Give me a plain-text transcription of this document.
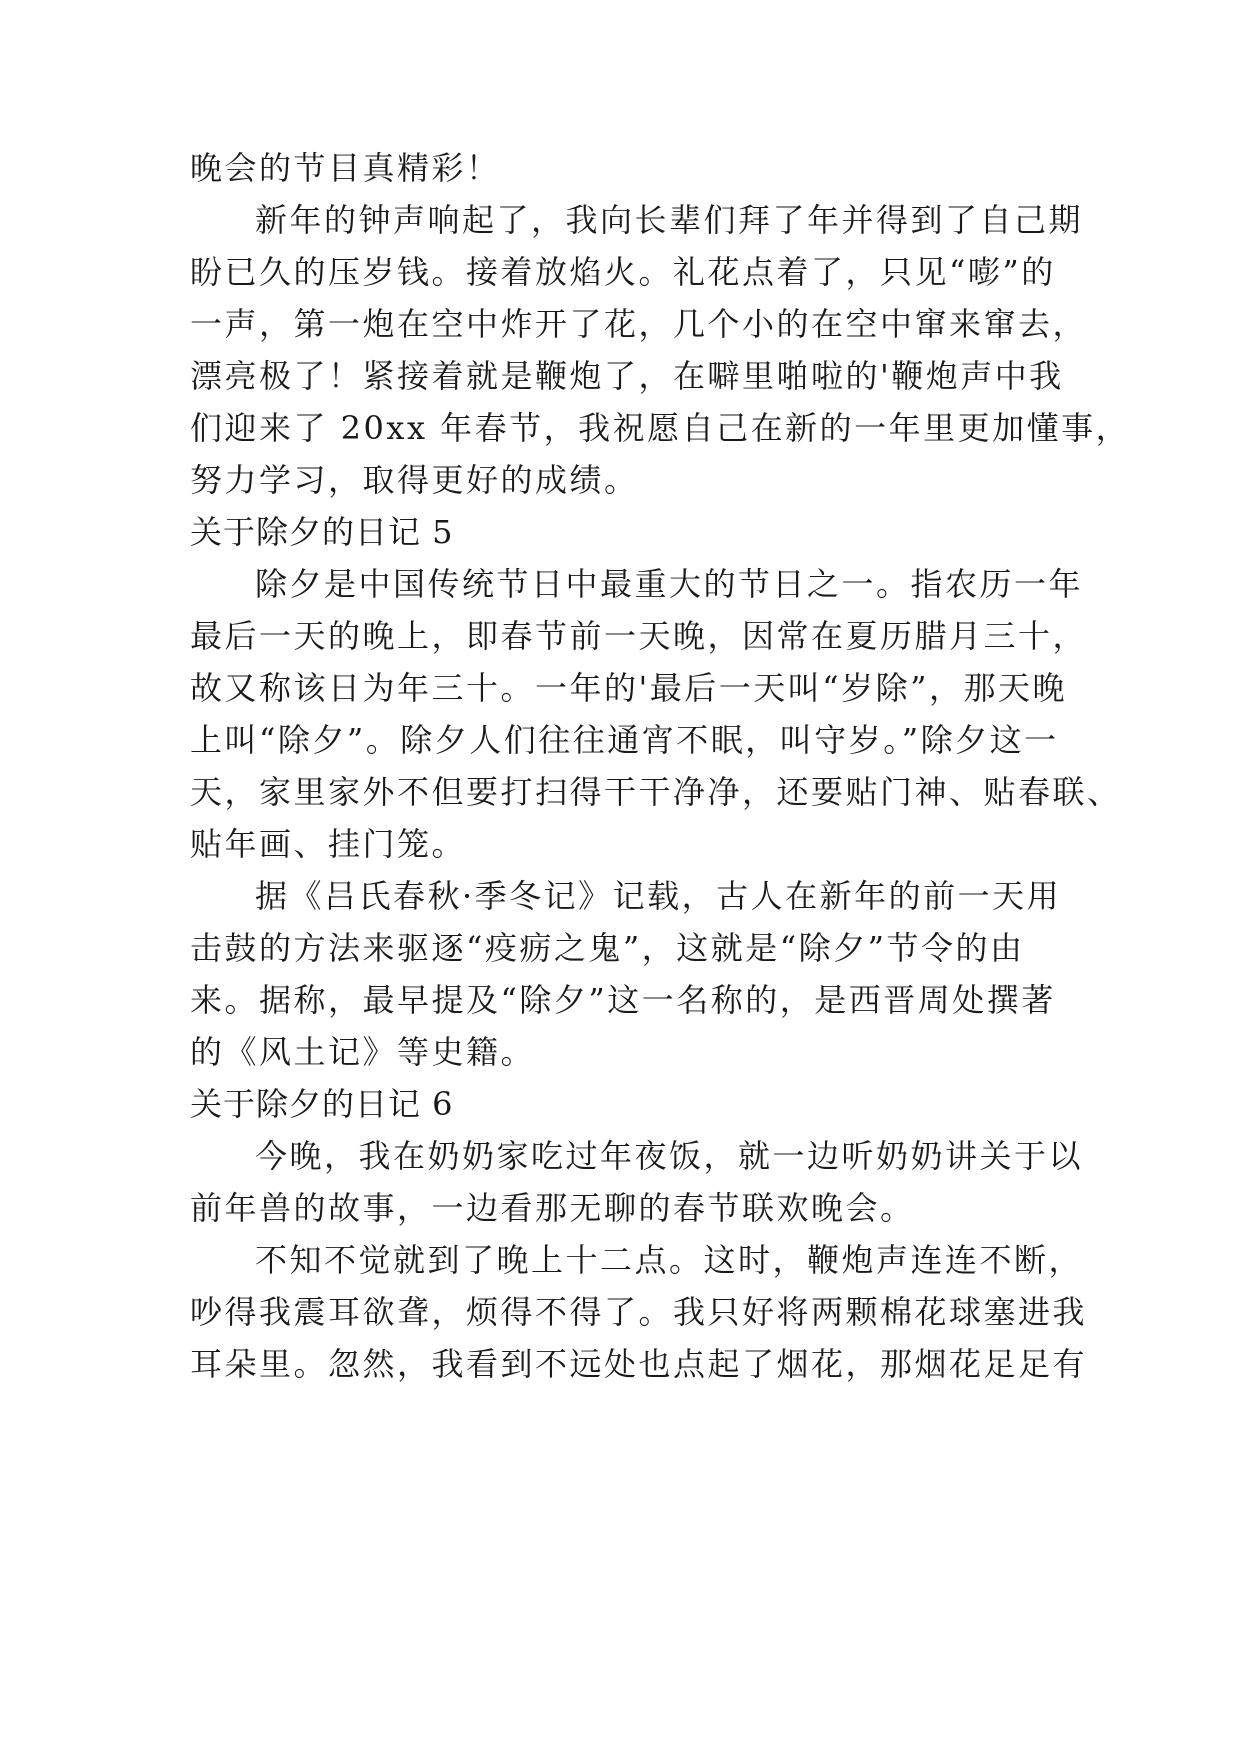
晚会的节目真精彩！
新年的钟声响起了，我向长辈们拜了年并得到了自己期
盼已久的压岁钱。接着放焰火。礼花点着了，只见“嘭”的
一声，第一炮在空中炸开了花，几个小的在空中窜来窜去，
漂亮极了！紧接着就是鞭炮了，在噼里啪啦的'鞭炮声中我
们迎来了 20xx 年春节，我祝愿自己在新的一年里更加懂事，
努力学习，取得更好的成绩。
关于除夕的日记 5
除夕是中国传统节日中最重大的节日之一。指农历一年
最后一天的晚上，即春节前一天晚，因常在夏历腊月三十，
故又称该日为年三十。一年的'最后一天叫“岁除”，那天晚
上叫“除夕”。除夕人们往往通宵不眠，叫守岁。”除夕这一
天，家里家外不但要打扫得干干净净，还要贴门神、贴春联、
贴年画、挂门笼。
据《吕氏春秋·季冬记》记载，古人在新年的前一天用
击鼓的方法来驱逐“疫疬之鬼”，这就是“除夕”节令的由
来。据称，最早提及“除夕”这一名称的，是西晋周处撰著
的《风土记》等史籍。
关于除夕的日记 6
今晚，我在奶奶家吃过年夜饭，就一边听奶奶讲关于以
前年兽的故事，一边看那无聊的春节联欢晚会。
不知不觉就到了晚上十二点。这时，鞭炮声连连不断，
吵得我震耳欲聋，烦得不得了。我只好将两颗棉花球塞进我
耳朵里。忽然，我看到不远处也点起了烟花，那烟花足足有
